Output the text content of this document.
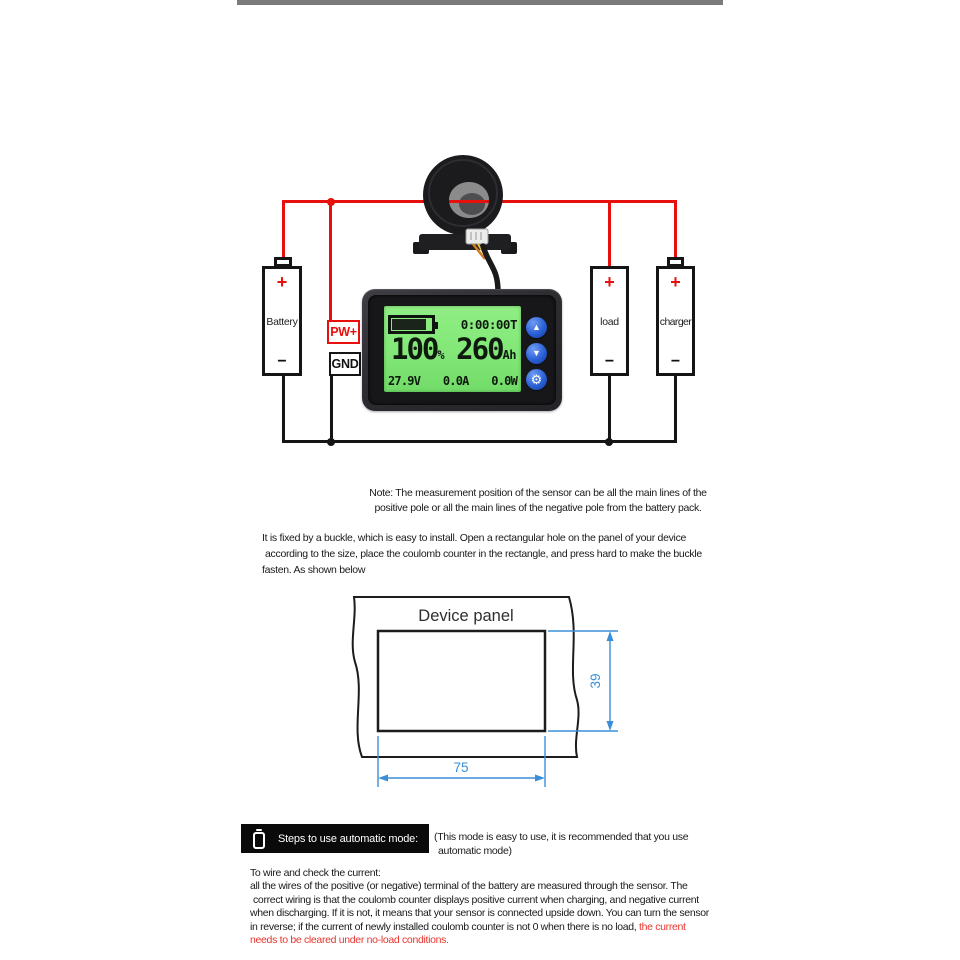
+
Battery
−
+
load
−
+
charger
−
PW+
GND
0:00:00T
100% 260Ah
27.9V 0.0A 0.0W
▲
▼
⚙
Note: The measurement position of the sensor can be all the main lines of the
positive pole or all the main lines of the negative pole from the battery pack.
It is fixed by a buckle, which is easy to install. Open a rectangular hole on the panel of your device
according to the size, place the coulomb counter in the rectangle, and press hard to make the buckle
fasten. As shown below
Device panel
39
75
Steps to use automatic mode: (This mode is easy to use, it is recommended that you use
automatic mode)
To wire and check the current:
all the wires of the positive (or negative) terminal of the battery are measured through the sensor. The
correct wiring is that the coulomb counter displays positive current when charging, and negative current
when discharging. If it is not, it means that your sensor is connected upside down. You can turn the sensor
in reverse; if the current of newly installed coulomb counter is not 0 when there is no load, the current
needs to be cleared under no-load conditions.
